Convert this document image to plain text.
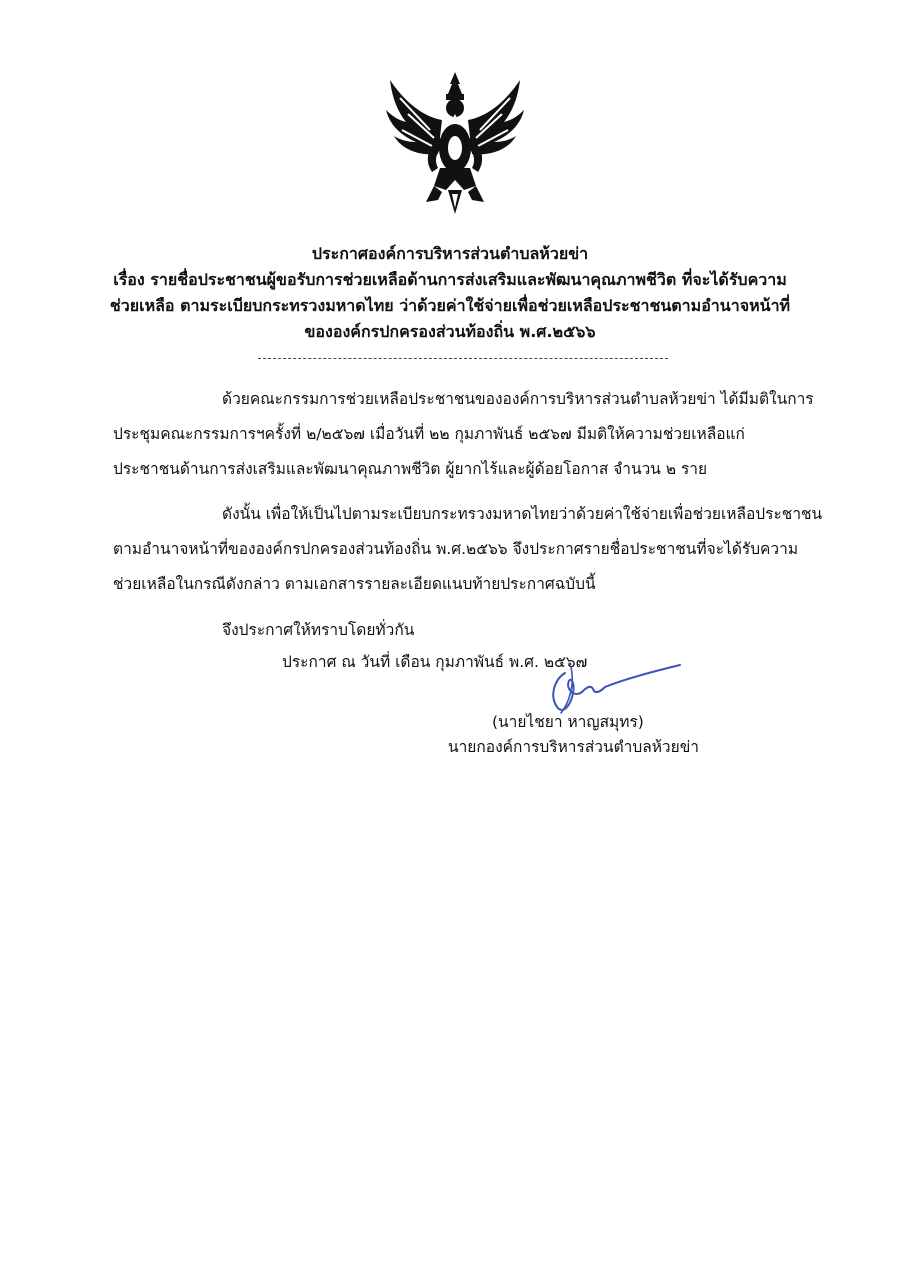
ประกาศองค์การบริหารส่วนตำบลห้วยข่า
เรื่อง รายชื่อประชาชนผู้ขอรับการช่วยเหลือด้านการส่งเสริมและพัฒนาคุณภาพชีวิต ที่จะได้รับความ
ช่วยเหลือ ตามระเบียบกระทรวงมหาดไทย ว่าด้วยค่าใช้จ่ายเพื่อช่วยเหลือประชาชนตามอำนาจหน้าที่
ขององ​ค์กรปกครองส่วนท้องถิ่น พ.ศ.๒๕๖๖
ด้วยคณะกรรมการช่วยเหลือประชาชนขององค์การบริหารส่วนตำบลห้วยข่า ได้มีมติในการ
ประชุมคณะกรรมการฯครั้งที่ ๒/๒๕๖๗ เมื่อวันที่ ๒๒ กุมภาพันธ์ ๒๕๖๗ มีมติให้ความช่วยเหลือแก่
ประชาชนด้านการส่งเสริมและพัฒนาคุณภาพชีวิต ผู้ยากไร้และผู้ด้อยโอกาส จำนวน ๒ ราย
ดังนั้น เพื่อให้เป็นไปตามระเบียบกระทรวงมหาดไทยว่าด้วยค่าใช้จ่ายเพื่อช่วยเหลือประชาชน
ตามอำนาจหน้าที่ขององค์กรปกครองส่วนท้องถิ่น พ.ศ.๒๕๖๖ จึงประกาศรายชื่อประชาชนที่จะได้รับความ
ช่วยเหลือในกรณีดังกล่าว ตามเอกสารรายละเอียดแนบท้ายประกาศฉบับนี้
จึงประกาศให้ทราบโดยทั่วกัน
ประกาศ ณ วันที่ เดือน กุมภาพันธ์ พ.ศ. ๒๕๖๗
(นายไชยา หาญสมุทร)
นายกองค์การบริหารส่วนตำบลห้วยข่า
